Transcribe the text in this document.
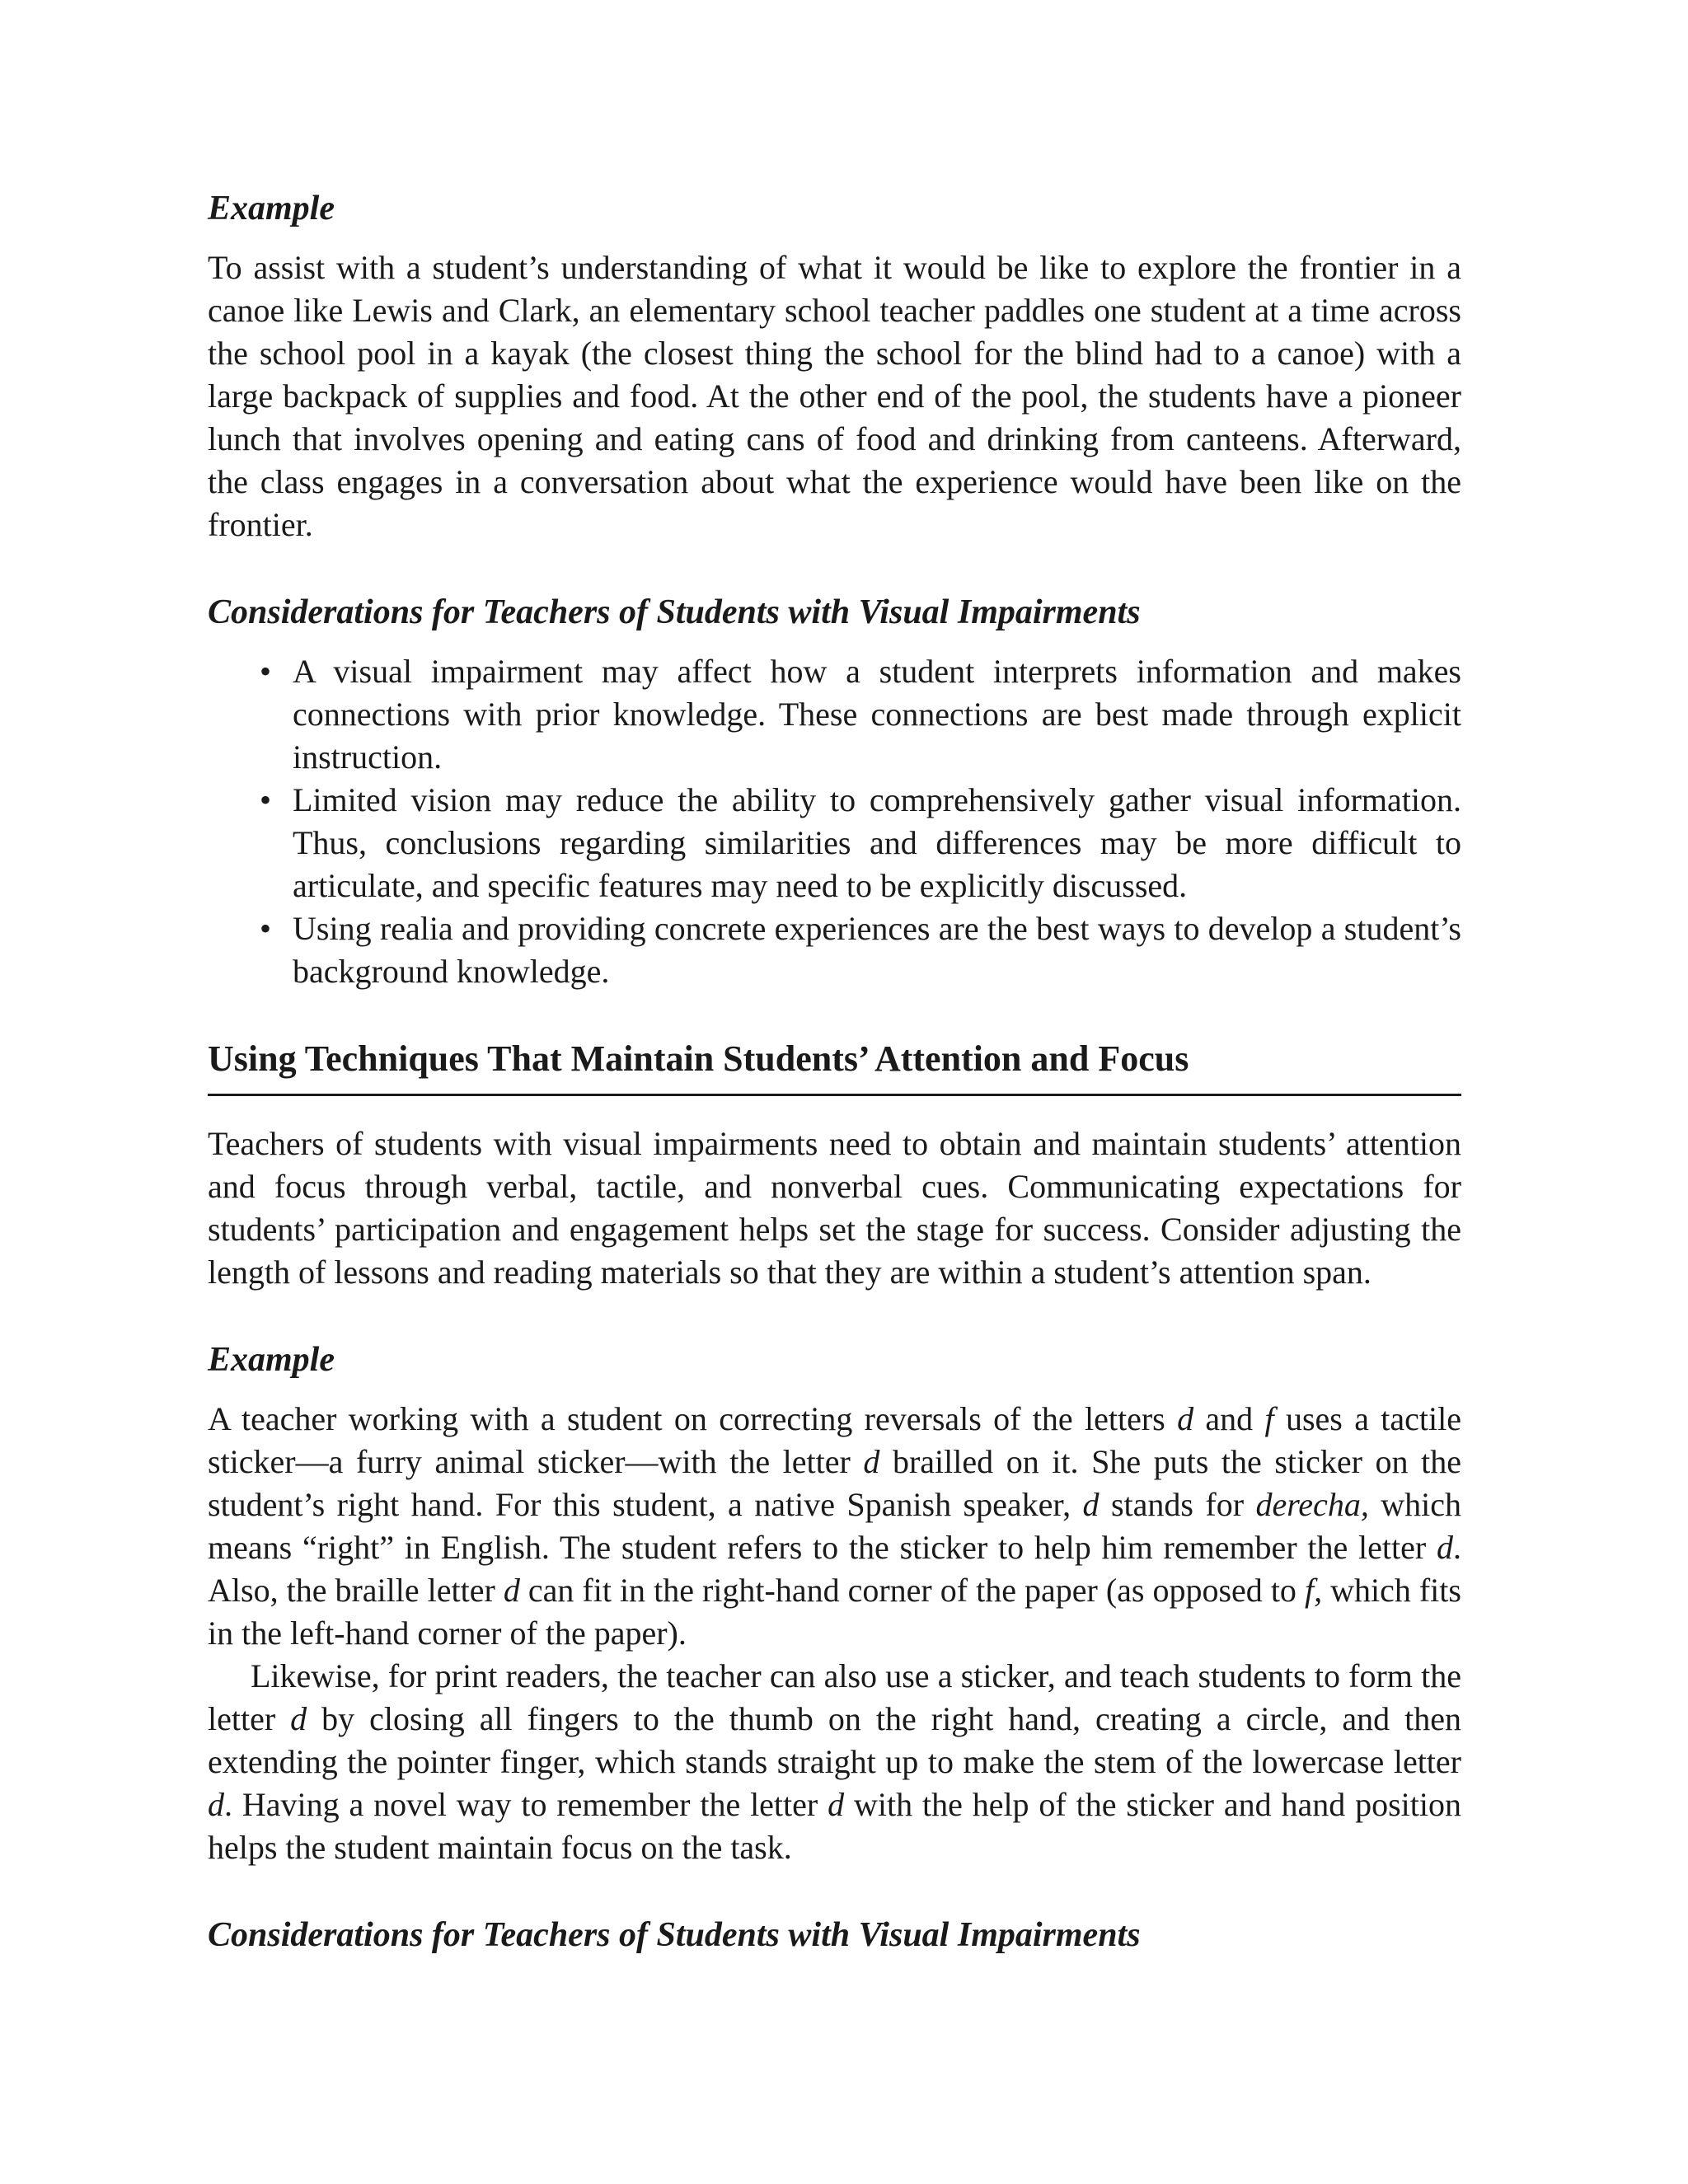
Example

To assist with a student’s understanding of what it would be like to explore the frontier in a canoe like Lewis and Clark, an elementary school teacher paddles one student at a time across the school pool in a kayak (the closest thing the school for the blind had to a canoe) with a large backpack of supplies and food. At the other end of the pool, the students have a pioneer lunch that involves opening and eating cans of food and drinking from canteens. Afterward, the class engages in a conversation about what the experience would have been like on the frontier.

Considerations for Teachers of Students with Visual Impairments
• A visual impairment may affect how a student interprets information and makes connections with prior knowledge. These connections are best made through explicit instruction.
• Limited vision may reduce the ability to comprehensively gather visual information. Thus, conclusions regarding similarities and differences may be more difficult to articulate, and specific features may need to be explicitly discussed.
• Using realia and providing concrete experiences are the best ways to develop a student’s background knowledge.
Using Techniques That Maintain Students’ Attention and Focus

Teachers of students with visual impairments need to obtain and maintain students’ attention and focus through verbal, tactile, and nonverbal cues. Communicating expectations for students’ participation and engagement helps set the stage for success. Consider adjusting the length of lessons and reading materials so that they are within a student’s attention span.

Example

A teacher working with a student on correcting reversals of the letters d and f uses a tactile sticker—a furry animal sticker—with the letter d brailled on it. She puts the sticker on the student’s right hand. For this student, a native Spanish speaker, d stands for derecha, which means “right” in English. The student refers to the sticker to help him remember the letter d. Also, the braille letter d can fit in the right-hand corner of the paper (as opposed to f, which fits in the left-hand corner of the paper).

Likewise, for print readers, the teacher can also use a sticker, and teach students to form the letter d by closing all fingers to the thumb on the right hand, creating a circle, and then extending the pointer finger, which stands straight up to make the stem of the lowercase letter d. Having a novel way to remember the letter d with the help of the sticker and hand position helps the student maintain focus on the task.

Considerations for Teachers of Students with Visual Impairments
